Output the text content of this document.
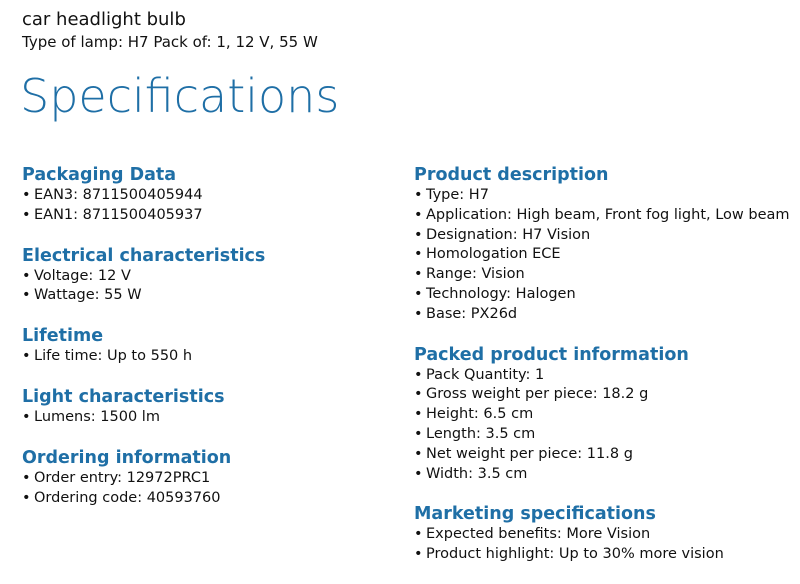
car headlight bulb
Type of lamp: H7 Pack of: 1, 12 V, 55 W
Specifications
Packaging Data
• EAN3: 8711500405944
• EAN1: 8711500405937
Electrical characteristics
• Voltage: 12 V
• Wattage: 55 W
Lifetime
• Life time: Up to 550 h
Light characteristics
• Lumens: 1500 lm
Ordering information
• Order entry: 12972PRC1
• Ordering code: 40593760
Product description
• Type: H7
• Application: High beam, Front fog light, Low beam
• Designation: H7 Vision
• Homologation ECE
• Range: Vision
• Technology: Halogen
• Base: PX26d
Packed product information
• Pack Quantity: 1
• Gross weight per piece: 18.2 g
• Height: 6.5 cm
• Length: 3.5 cm
• Net weight per piece: 11.8 g
• Width: 3.5 cm
Marketing specifications
• Expected benefits: More Vision
• Product highlight: Up to 30% more vision
